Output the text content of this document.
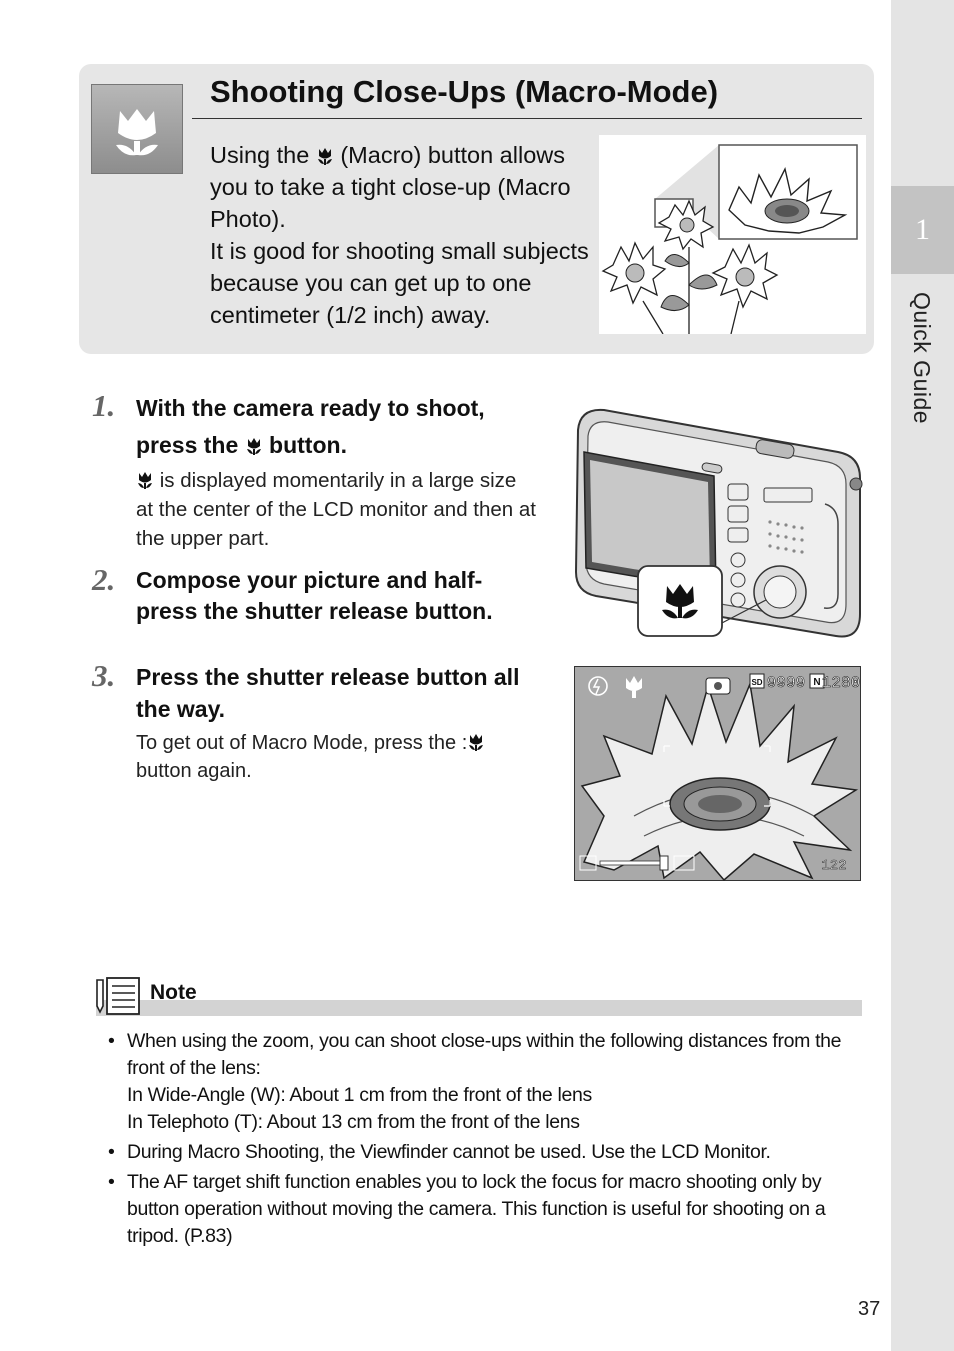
1
Quick Guide
Shooting Close-Ups (Macro-Mode)

Using the (Macro) button allows you to take a tight close-up (Macro Photo).
It is good for shooting small subjects because you can get up to one centimeter (1/2 inch) away.

1. With the camera ready to shoot,
press the button.
is displayed momentarily in a large size at the center of the LCD monitor and then at the upper part.
2. Compose your picture and half-press the shutter release button.
3. Press the shutter release button all the way.
To get out of Macro Mode, press the :
button again.
SD 9999 N 1280
122
Note
• When using the zoom, you can shoot close-ups within the following distances from the front of the lens:
In Wide-Angle (W): About 1 cm from the front of the lens
In Telephoto (T): About 13 cm from the front of the lens
• During Macro Shooting, the Viewfinder cannot be used. Use the LCD Monitor.
• The AF target shift function enables you to lock the focus for macro shooting only by button operation without moving the camera. This function is useful for shooting on a tripod. (P.83)
37
